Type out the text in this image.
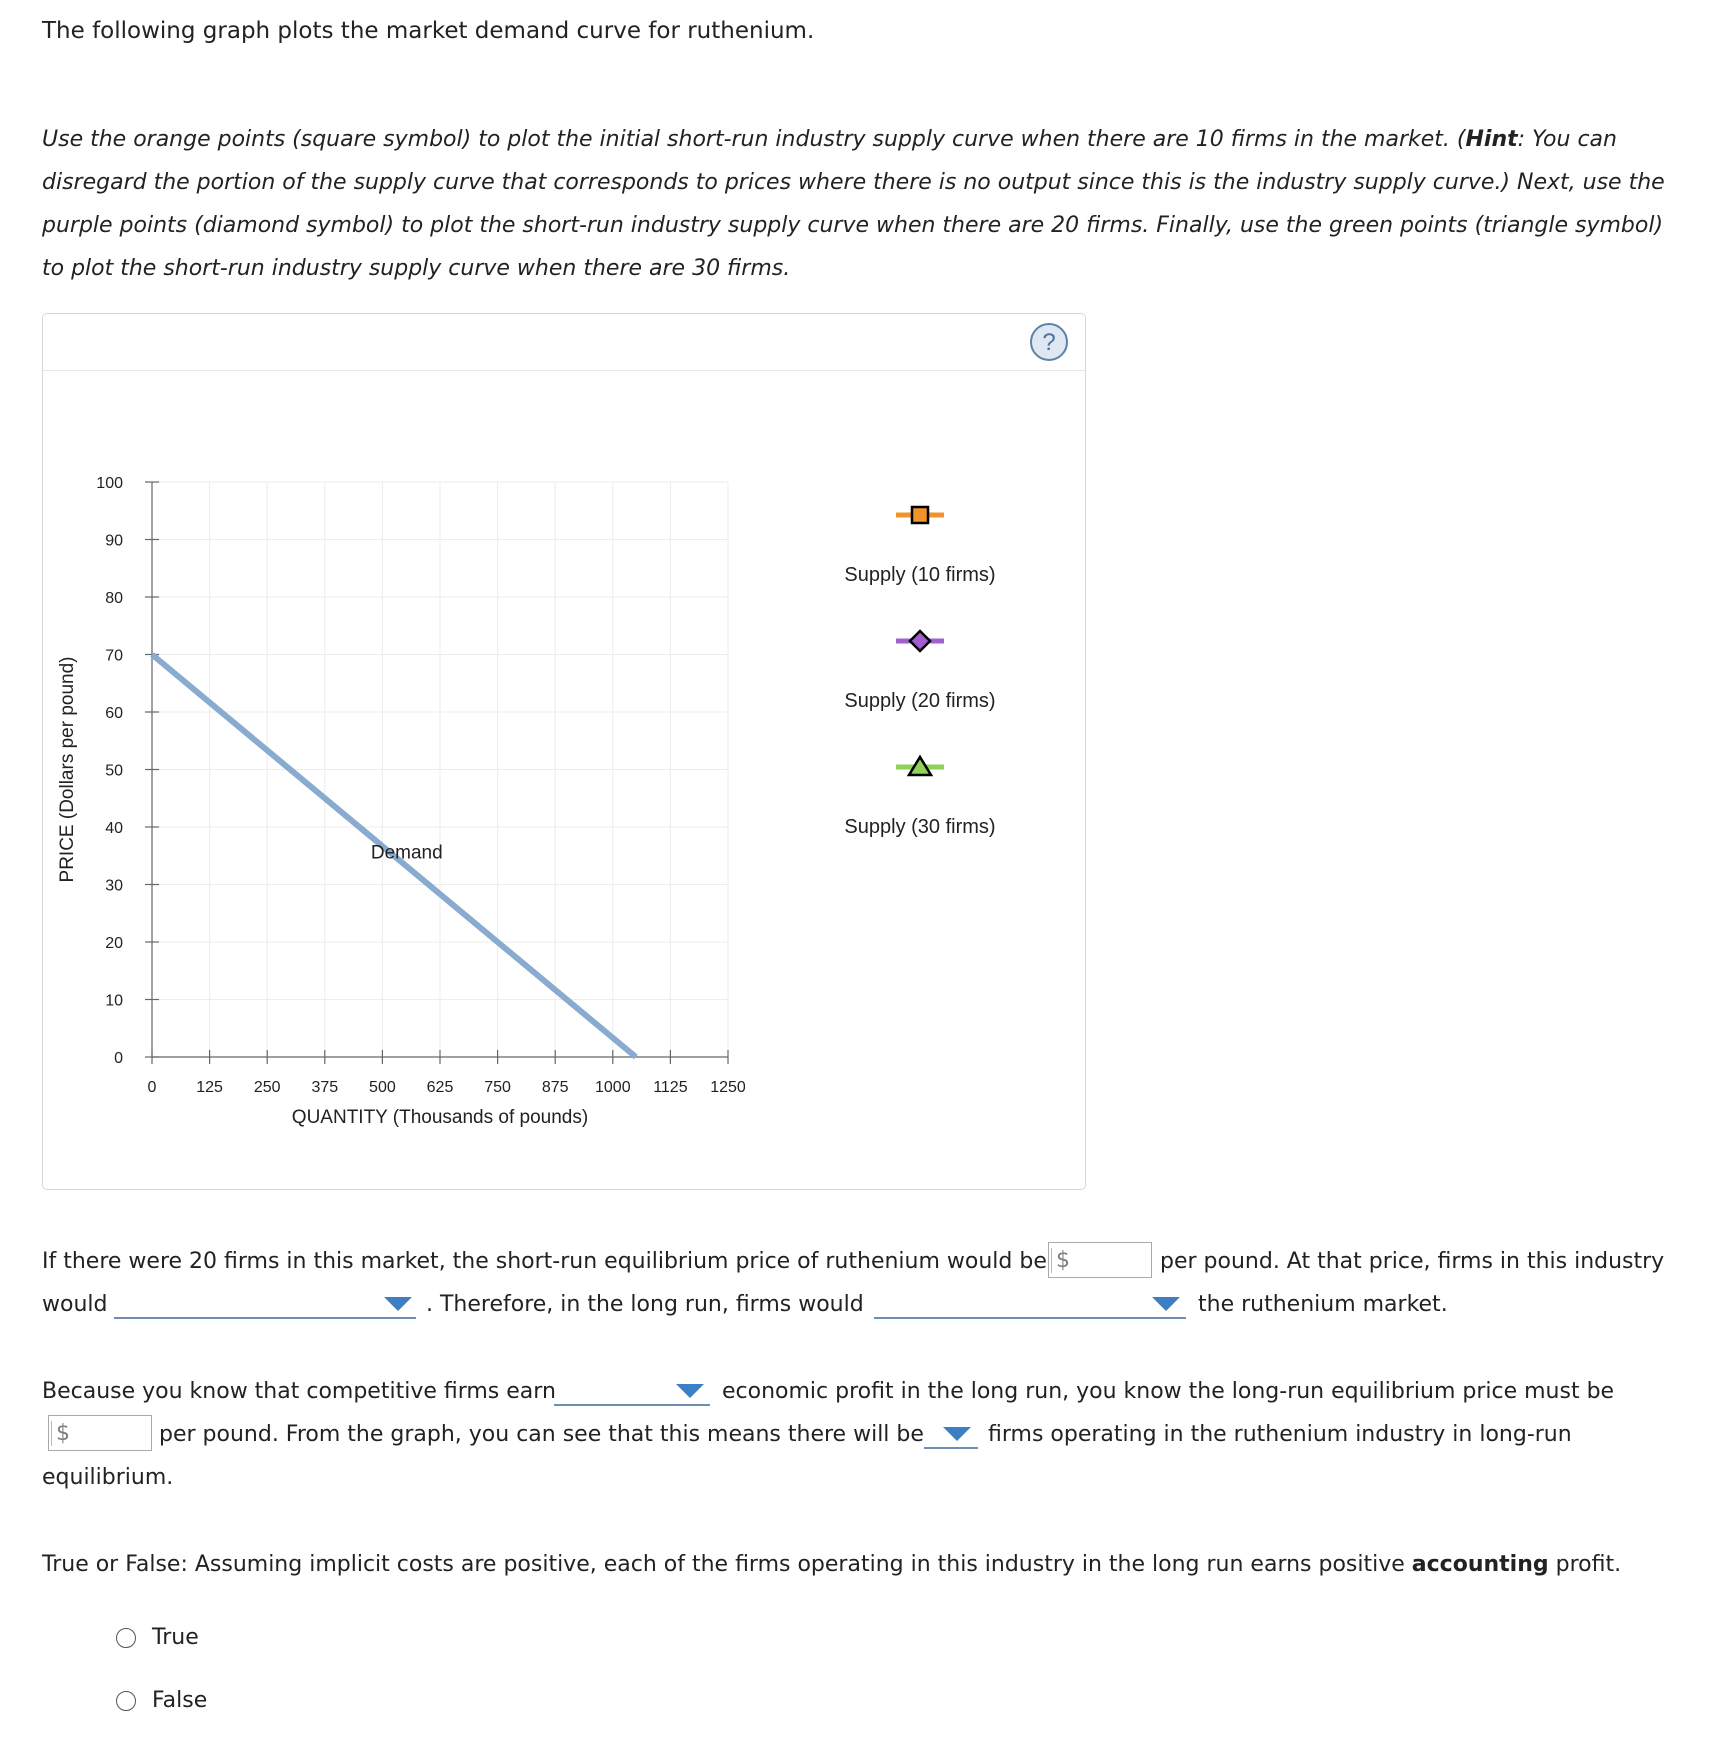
The following graph plots the market demand curve for ruthenium.
Use the orange points (square symbol) to plot the initial short-run industry supply curve when there are 10 firms in the market. (Hint: You can disregard the portion of the supply curve that corresponds to prices where there is no output since this is the industry supply curve.) Next, use the purple points (diamond symbol) to plot the short-run industry supply curve when there are 20 firms. Finally, use the green points (triangle symbol) to plot the short-run industry supply curve when there are 30 firms.
?
0
10
20
30
40
50
60
70
80
90
100
0 125 250 375 500 625 750 875 1000 1125 1250
QUANTITY (Thousands of pounds)
PRICE (Dollars per pound)	Demand
Supply (10 firms)
Supply (20 firms)
Supply (30 firms)
If there were 20 firms in this market, the short-run equilibrium price of ruthenium would be $	per pound. At that price, firms in this industry
would	. Therefore, in the long run, firms would	the ruthenium market.
Because you know that competitive firms earn	economic profit in the long run, you know the long-run equilibrium price must be
$	per pound. From the graph, you can see that this means there will be	firms operating in the ruthenium industry in long-run
equilibrium.
True or False: Assuming implicit costs are positive, each of the firms operating in this industry in the long run earns positive accounting profit.
True
False
